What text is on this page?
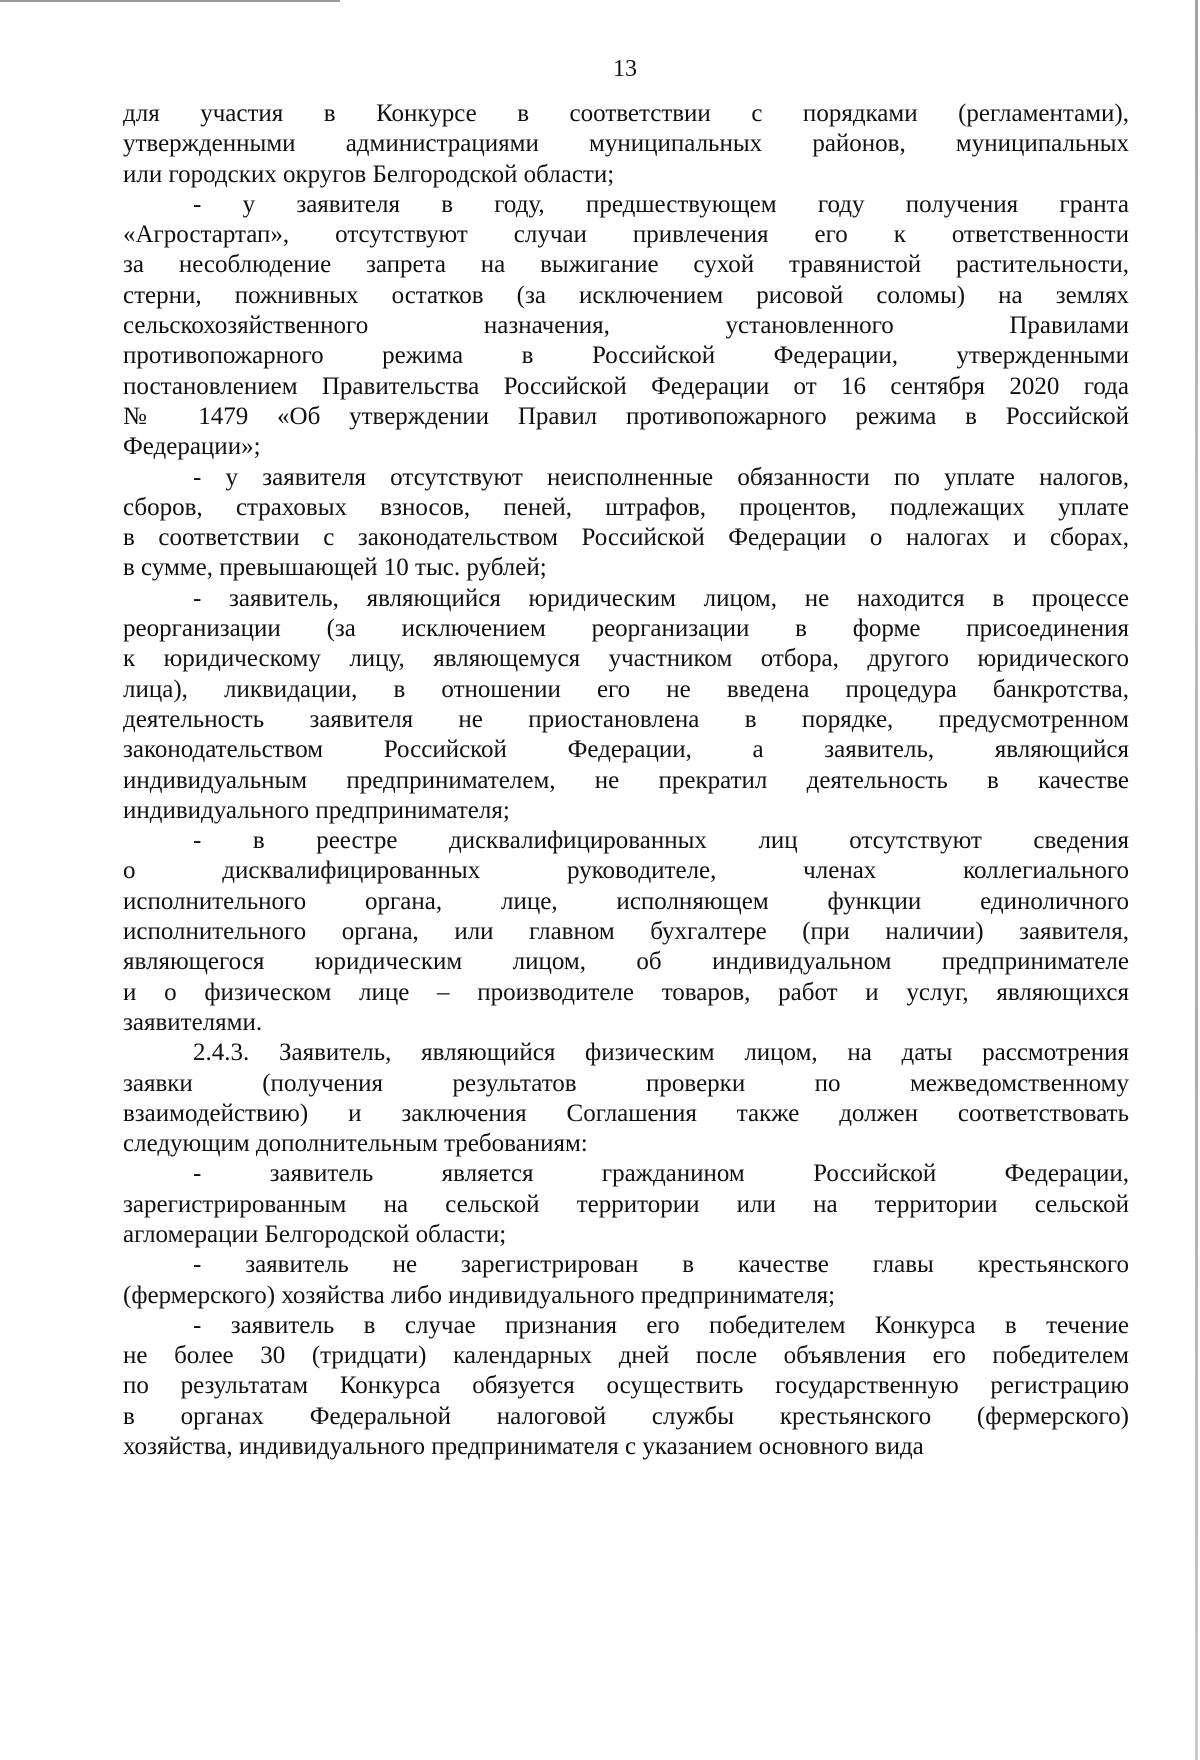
13

для участия в Конкурсе в соответствии с порядками (регламентами),
утвержденными администрациями муниципальных районов, муниципальных
или городских округов Белгородской области;

- у заявителя в году, предшествующем году получения гранта
«Агростартап», отсутствуют случаи привлечения его к ответственности
за несоблюдение запрета на выжигание сухой травянистой растительности,
стерни, пожнивных остатков (за исключением рисовой соломы) на землях
сельскохозяйственного назначения, установленного Правилами
противопожарного режима в Российской Федерации, утвержденными
постановлением Правительства Российской Федерации от 16 сентября 2020 года
№ 1479 «Об утверждении Правил противопожарного режима в Российской
Федерации»;

- у заявителя отсутствуют неисполненные обязанности по уплате налогов,
сборов, страховых взносов, пеней, штрафов, процентов, подлежащих уплате
в соответствии с законодательством Российской Федерации о налогах и сборах,
в сумме, превышающей 10 тыс. рублей;

- заявитель, являющийся юридическим лицом, не находится в процессе
реорганизации (за исключением реорганизации в форме присоединения
к юридическому лицу, являющемуся участником отбора, другого юридического
лица), ликвидации, в отношении его не введена процедура банкротства,
деятельность заявителя не приостановлена в порядке, предусмотренном
законодательством Российской Федерации, а заявитель, являющийся
индивидуальным предпринимателем, не прекратил деятельность в качестве
индивидуального предпринимателя;

- в реестре дисквалифицированных лиц отсутствуют сведения
о дисквалифицированных руководителе, членах коллегиального
исполнительного органа, лице, исполняющем функции единоличного
исполнительного органа, или главном бухгалтере (при наличии) заявителя,
являющегося юридическим лицом, об индивидуальном предпринимателе
и о физическом лице – производителе товаров, работ и услуг, являющихся
заявителями.

2.4.3. Заявитель, являющийся физическим лицом, на даты рассмотрения
заявки (получения результатов проверки по межведомственному
взаимодействию) и заключения Соглашения также должен соответствовать
следующим дополнительным требованиям:

- заявитель является гражданином Российской Федерации,
зарегистрированным на сельской территории или на территории сельской
агломерации Белгородской области;

- заявитель не зарегистрирован в качестве главы крестьянского
(фермерского) хозяйства либо индивидуального предпринимателя;

- заявитель в случае признания его победителем Конкурса в течение
не более 30 (тридцати) календарных дней после объявления его победителем
по результатам Конкурса обязуется осуществить государственную регистрацию
в органах Федеральной налоговой службы крестьянского (фермерского)
хозяйства, индивидуального предпринимателя с указанием основного вида
